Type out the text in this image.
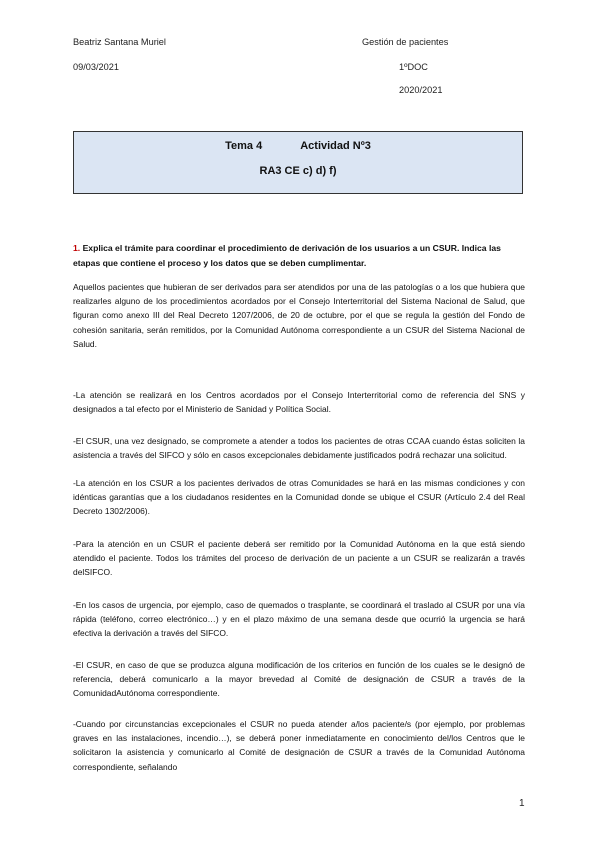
Beatriz Santana Muriel	Gestión de pacientes
09/03/2021	1ºDOC
2020/2021
Tema 4	Actividad Nº3
RA3 CE c) d) f)
1. Explica el trámite para coordinar el procedimiento de derivación de los usuarios a un CSUR. Indica las etapas que contiene el proceso y los datos que se deben cumplimentar.
Aquellos pacientes que hubieran de ser derivados para ser atendidos por una de las patologías o a los que hubiera que realizarles alguno de los procedimientos acordados por el Consejo Interterritorial del Sistema Nacional de Salud, que figuran como anexo III del Real Decreto 1207/2006, de 20 de octubre, por el que se regula la gestión del Fondo de cohesión sanitaria, serán remitidos, por la Comunidad Autónoma correspondiente a un CSUR del Sistema Nacional de Salud.
-La atención se realizará en los Centros acordados por el Consejo Interterritorial como de referencia del SNS y designados a tal efecto por el Ministerio de Sanidad y Política Social.
-El CSUR, una vez designado, se compromete a atender a todos los pacientes de otras CCAA cuando éstas soliciten la asistencia a través del SIFCO y sólo en casos excepcionales debidamente justificados podrá rechazar una solicitud.
-La atención en los CSUR a los pacientes derivados de otras Comunidades se hará en las mismas condiciones y con idénticas garantías que a los ciudadanos residentes en la Comunidad donde se ubique el CSUR (Artículo 2.4 del Real Decreto 1302/2006).
-Para la atención en un CSUR el paciente deberá ser remitido por la Comunidad Autónoma en la que está siendo atendido el paciente. Todos los trámites del proceso de derivación de un paciente a un CSUR se realizarán a través delSIFCO.
-En los casos de urgencia, por ejemplo, caso de quemados o trasplante, se coordinará el traslado al CSUR por una vía rápida (teléfono, correo electrónico…) y en el plazo máximo de una semana desde que ocurrió la urgencia se hará efectiva la derivación a través del SIFCO.
-El CSUR, en caso de que se produzca alguna modificación de los criterios en función de los cuales se le designó de referencia, deberá comunicarlo a la mayor brevedad al Comité de designación de CSUR a través de la ComunidadAutónoma correspondiente.
-Cuando por circunstancias excepcionales el CSUR no pueda atender a/los paciente/s (por ejemplo, por problemas graves en las instalaciones, incendio…), se deberá poner inmediatamente en conocimiento del/los Centros que le solicitaron la asistencia y comunicarlo al Comité de designación de CSUR a través de la Comunidad Autónoma correspondiente, señalando
1
